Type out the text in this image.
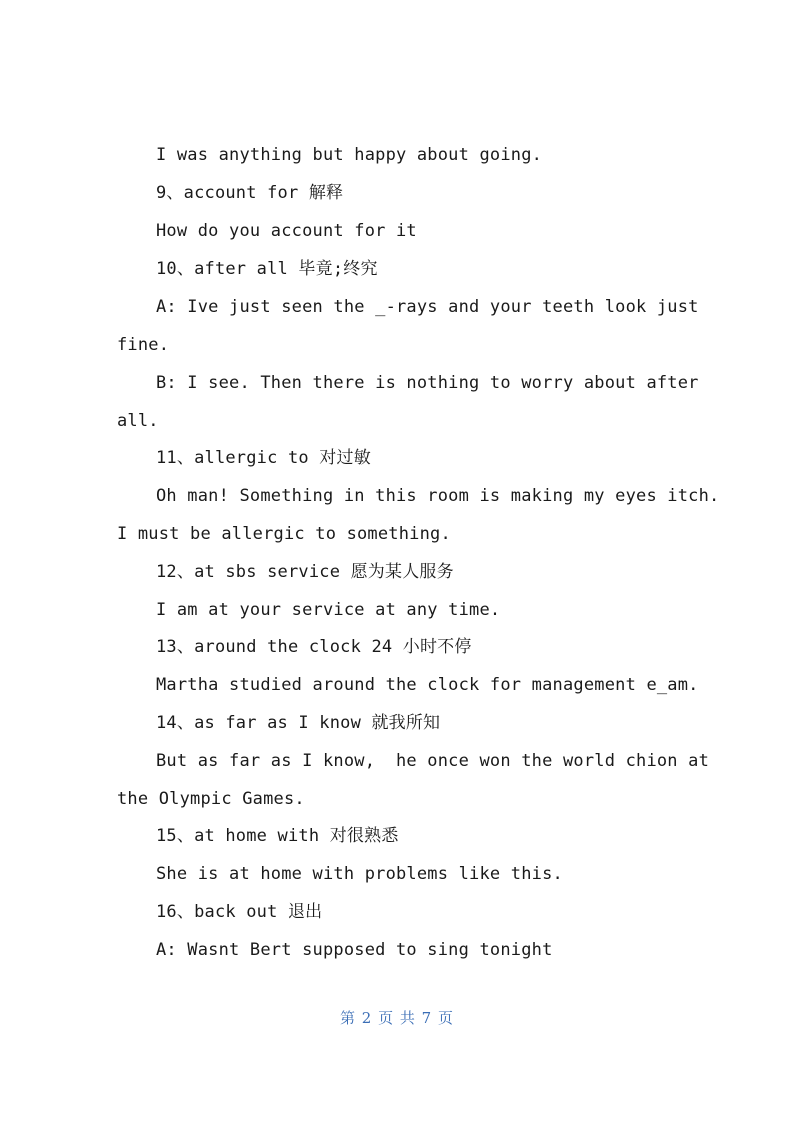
I was anything but happy about going.
9、account for 解释
How do you account for it
10、after all 毕竟;终究
A: Ive just seen the _-rays and your teeth look just
fine.
B: I see. Then there is nothing to worry about after
all.
11、allergic to 对过敏
Oh man! Something in this room is making my eyes itch.
I must be allergic to something.
12、at sbs service 愿为某人服务
I am at your service at any time.
13、around the clock 24 小时不停
Martha studied around the clock for management e_am.
14、as far as I know 就我所知
But as far as I know,  he once won the world chion at
the Olympic Games.
15、at home with 对很熟悉
She is at home with problems like this.
16、back out 退出
A: Wasnt Bert supposed to sing tonight
第 2 页 共 7 页
